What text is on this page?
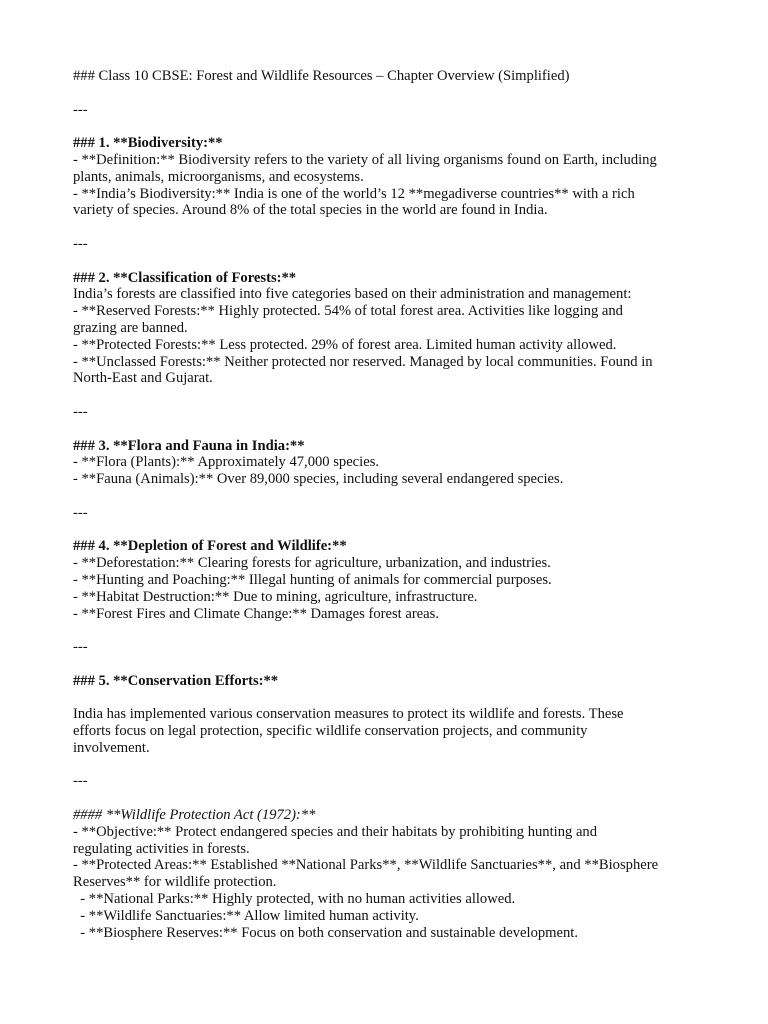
### Class 10 CBSE: Forest and Wildlife Resources – Chapter Overview (Simplified)

---

### 1. **Biodiversity:**

- **Definition:** Biodiversity refers to the variety of all living organisms found on Earth, including

plants, animals, microorganisms, and ecosystems.

- **India’s Biodiversity:** India is one of the world’s 12 **megadiverse countries** with a rich

variety of species. Around 8% of the total species in the world are found in India.

---

### 2. **Classification of Forests:**

India’s forests are classified into five categories based on their administration and management:

- **Reserved Forests:** Highly protected. 54% of total forest area. Activities like logging and

grazing are banned.

- **Protected Forests:** Less protected. 29% of forest area. Limited human activity allowed.

- **Unclassed Forests:** Neither protected nor reserved. Managed by local communities. Found in

North-East and Gujarat.

---

### 3. **Flora and Fauna in India:**

- **Flora (Plants):** Approximately 47,000 species.

- **Fauna (Animals):** Over 89,000 species, including several endangered species.

---

### 4. **Depletion of Forest and Wildlife:**

- **Deforestation:** Clearing forests for agriculture, urbanization, and industries.

- **Hunting and Poaching:** Illegal hunting of animals for commercial purposes.

- **Habitat Destruction:** Due to mining, agriculture, infrastructure.

- **Forest Fires and Climate Change:** Damages forest areas.

---

### 5. **Conservation Efforts:**

India has implemented various conservation measures to protect its wildlife and forests. These

efforts focus on legal protection, specific wildlife conservation projects, and community

involvement.

---

#### **Wildlife Protection Act (1972):**

- **Objective:** Protect endangered species and their habitats by prohibiting hunting and

regulating activities in forests.

- **Protected Areas:** Established **National Parks**, **Wildlife Sanctuaries**, and **Biosphere

Reserves** for wildlife protection.

- **National Parks:** Highly protected, with no human activities allowed.

- **Wildlife Sanctuaries:** Allow limited human activity.

- **Biosphere Reserves:** Focus on both conservation and sustainable development.
